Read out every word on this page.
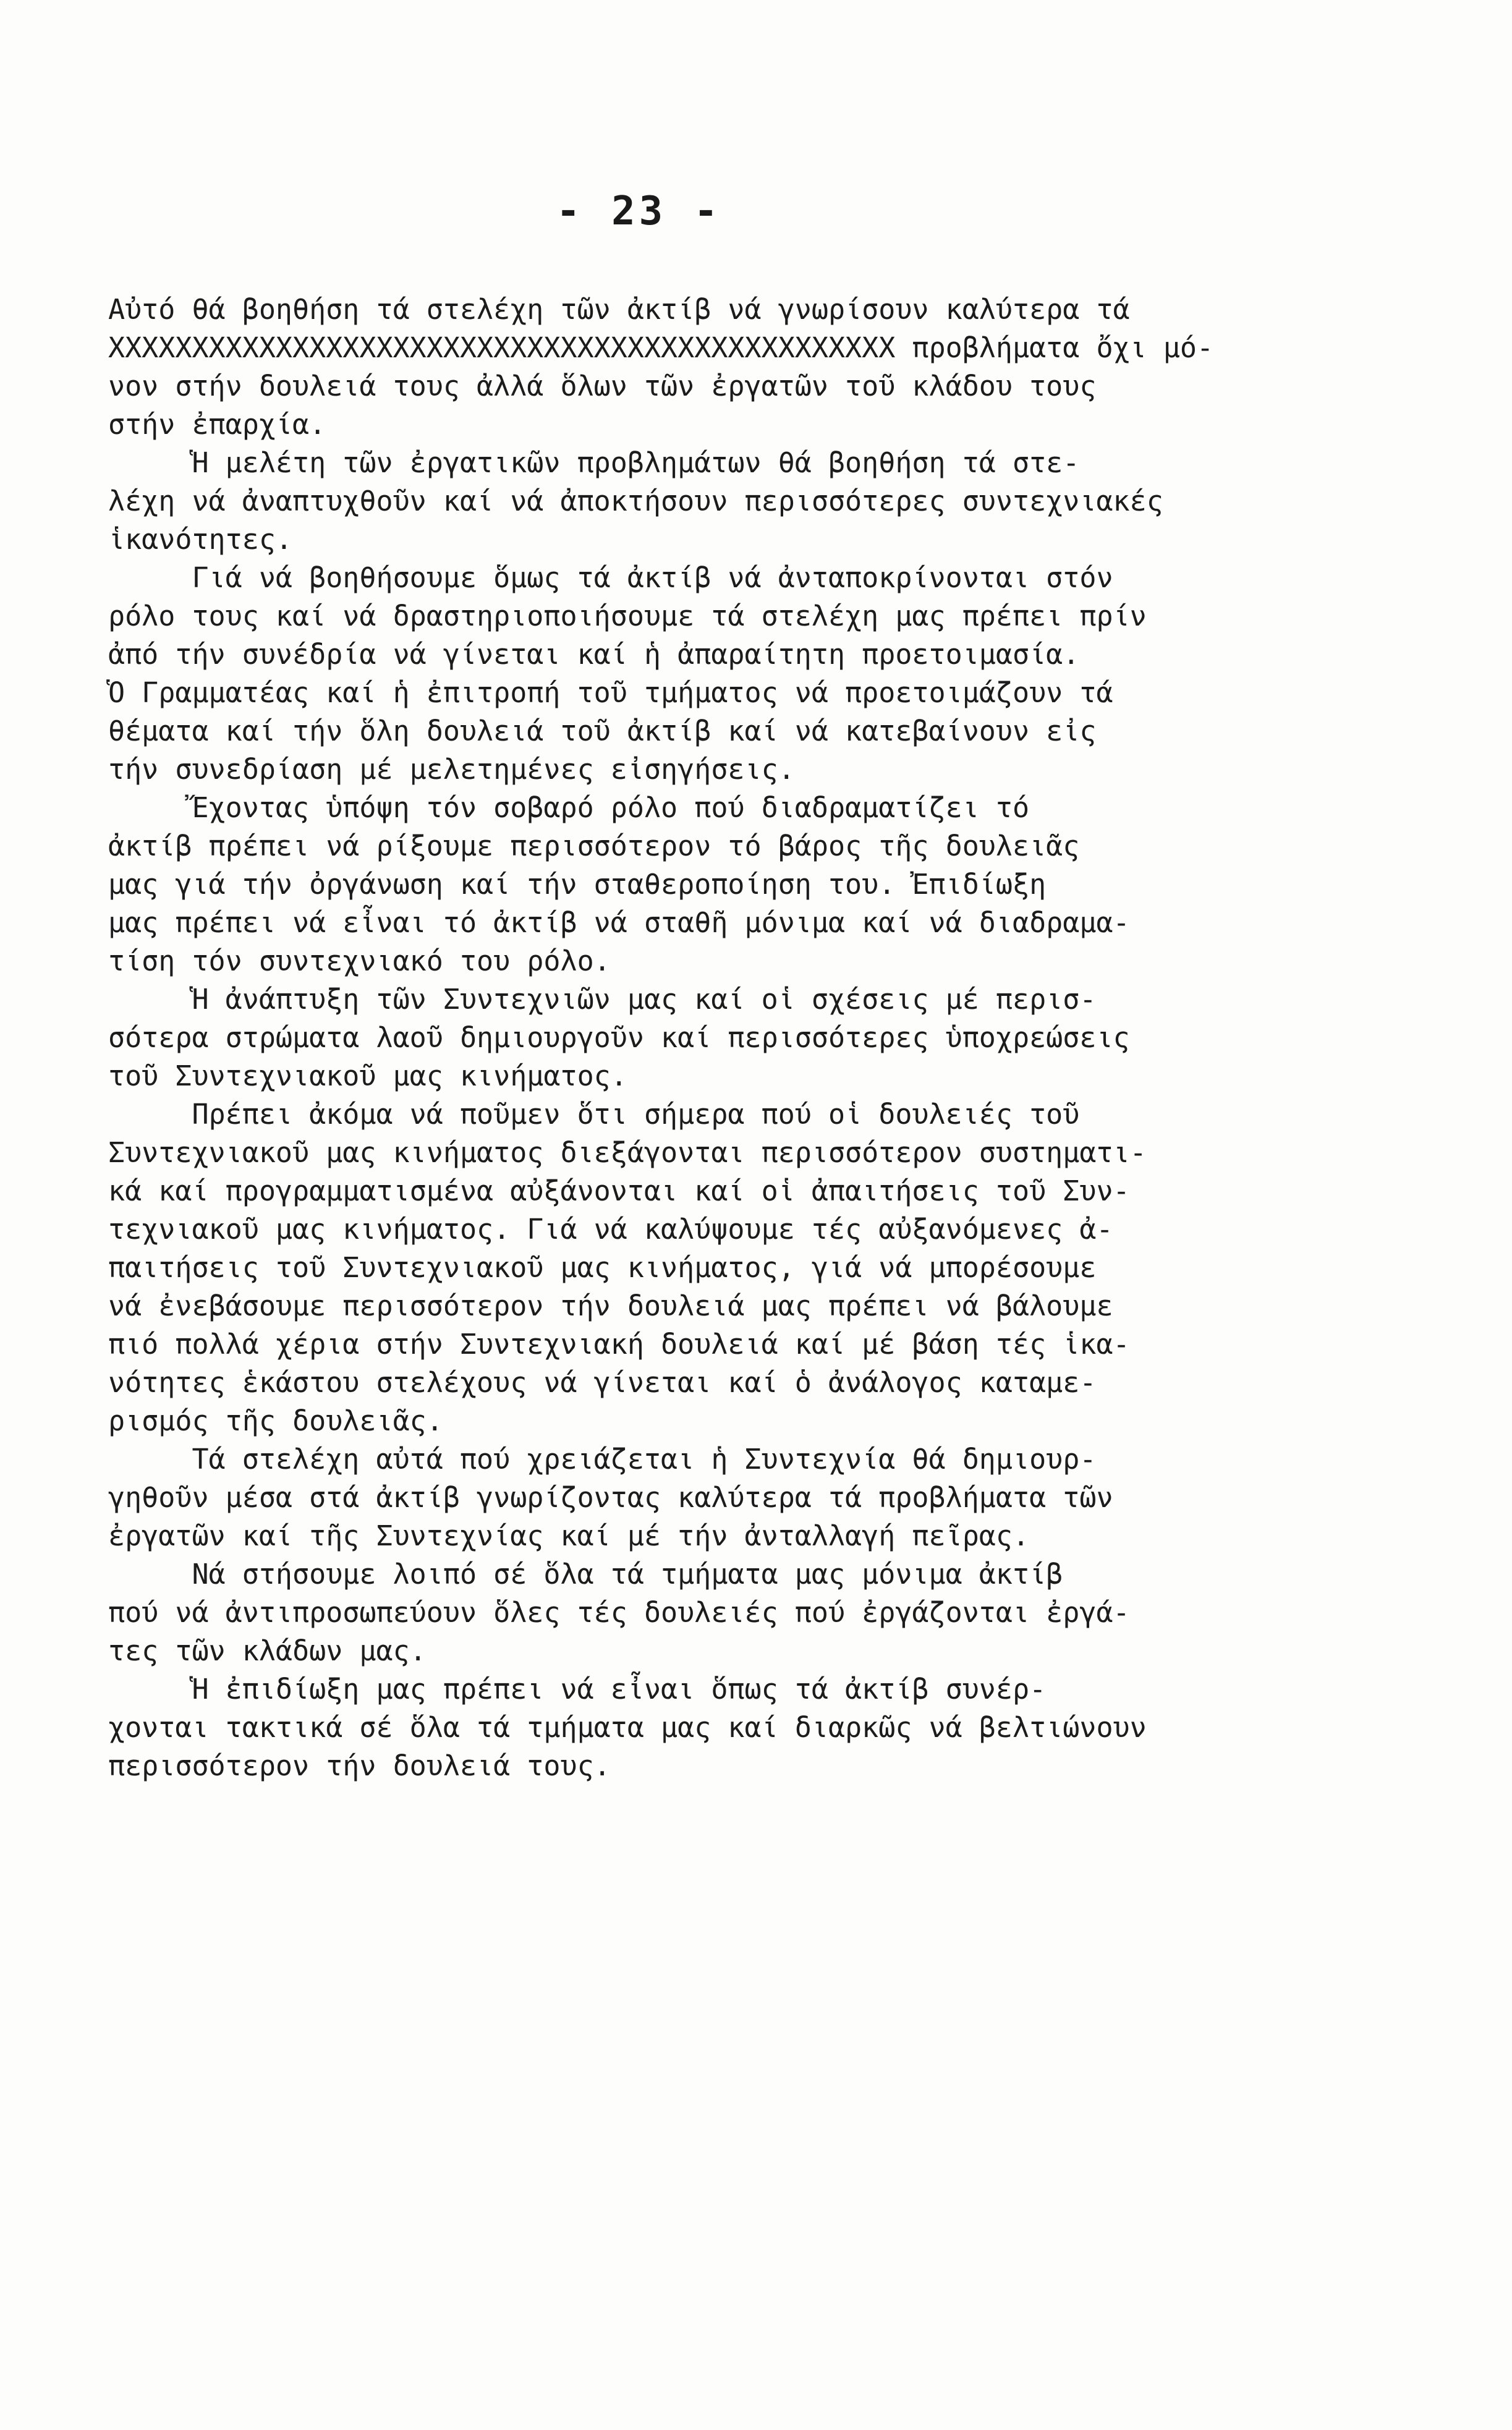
- 23 -
Αὐτό θά βοηθήση τά στελέχη τῶν ἀκτίβ νά γνωρίσουν καλύτερα τά
XXXXXXXXXXXXXXXXXXXXXXXXXXXXXXXXXXXXXXXXXXXXXXX προβλήματα ὄχι μό-
νον στήν δουλειά τους ἀλλά ὅλων τῶν ἐργατῶν τοῦ κλάδου τους
στήν ἐπαρχία.
Ἡ μελέτη τῶν ἐργατικῶν προβλημάτων θά βοηθήση τά στε-
λέχη νά ἀναπτυχθοῦν καί νά ἀποκτήσουν περισσότερες συντεχνιακές
ἱκανότητες.
Γιά νά βοηθήσουμε ὅμως τά ἀκτίβ νά ἀνταποκρίνονται στόν
ρόλο τους καί νά δραστηριοποιήσουμε τά στελέχη μας πρέπει πρίν
ἀπό τήν συνέδρία νά γίνεται καί ἡ ἀπαραίτητη προετοιμασία.
Ὁ Γραμματέας καί ἡ ἐπιτροπή τοῦ τμήματος νά προετοιμάζουν τά
θέματα καί τήν ὅλη δουλειά τοῦ ἀκτίβ καί νά κατεβαίνουν εἰς
τήν συνεδρίαση μέ μελετημένες εἰσηγήσεις.
Ἔχοντας ὑπόψη τόν σοβαρό ρόλο πού διαδραματίζει τό
ἀκτίβ πρέπει νά ρίξουμε περισσότερον τό βάρος τῆς δουλειᾶς
μας γιά τήν ὀργάνωση καί τήν σταθεροποίηση του. Ἐπιδίωξη
μας πρέπει νά εἶναι τό ἀκτίβ νά σταθῆ μόνιμα καί νά διαδραμα-
τίση τόν συντεχνιακό του ρόλο.
Ἡ ἀνάπτυξη τῶν Συντεχνιῶν μας καί οἱ σχέσεις μέ περισ-
σότερα στρώματα λαοῦ δημιουργοῦν καί περισσότερες ὑποχρεώσεις
τοῦ Συντεχνιακοῦ μας κινήματος.
Πρέπει ἀκόμα νά ποῦμεν ὅτι σήμερα πού οἱ δουλειές τοῦ
Συντεχνιακοῦ μας κινήματος διεξάγονται περισσότερον συστηματι-
κά καί προγραμματισμένα αὐξάνονται καί οἱ ἀπαιτήσεις τοῦ Συν-
τεχνιακοῦ μας κινήματος. Γιά νά καλύψουμε τές αὐξανόμενες ἀ-
παιτήσεις τοῦ Συντεχνιακοῦ μας κινήματος, γιά νά μπορέσουμε
νά ἐνεβάσουμε περισσότερον τήν δουλειά μας πρέπει νά βάλουμε
πιό πολλά χέρια στήν Συντεχνιακή δουλειά καί μέ βάση τές ἱκα-
νότητες ἑκάστου στελέχους νά γίνεται καί ὁ ἀνάλογος καταμε-
ρισμός τῆς δουλειᾶς.
Τά στελέχη αὐτά πού χρειάζεται ἡ Συντεχνία θά δημιουρ-
γηθοῦν μέσα στά ἀκτίβ γνωρίζοντας καλύτερα τά προβλήματα τῶν
ἐργατῶν καί τῆς Συντεχνίας καί μέ τήν ἀνταλλαγή πεῖρας.
Νά στήσουμε λοιπό σέ ὅλα τά τμήματα μας μόνιμα ἀκτίβ
πού νά ἀντιπροσωπεύουν ὅλες τές δουλειές πού ἐργάζονται ἐργά-
τες τῶν κλάδων μας.
Ἡ ἐπιδίωξη μας πρέπει νά εἶναι ὅπως τά ἀκτίβ συνέρ-
χονται τακτικά σέ ὅλα τά τμήματα μας καί διαρκῶς νά βελτιώνουν
περισσότερον τήν δουλειά τους.
